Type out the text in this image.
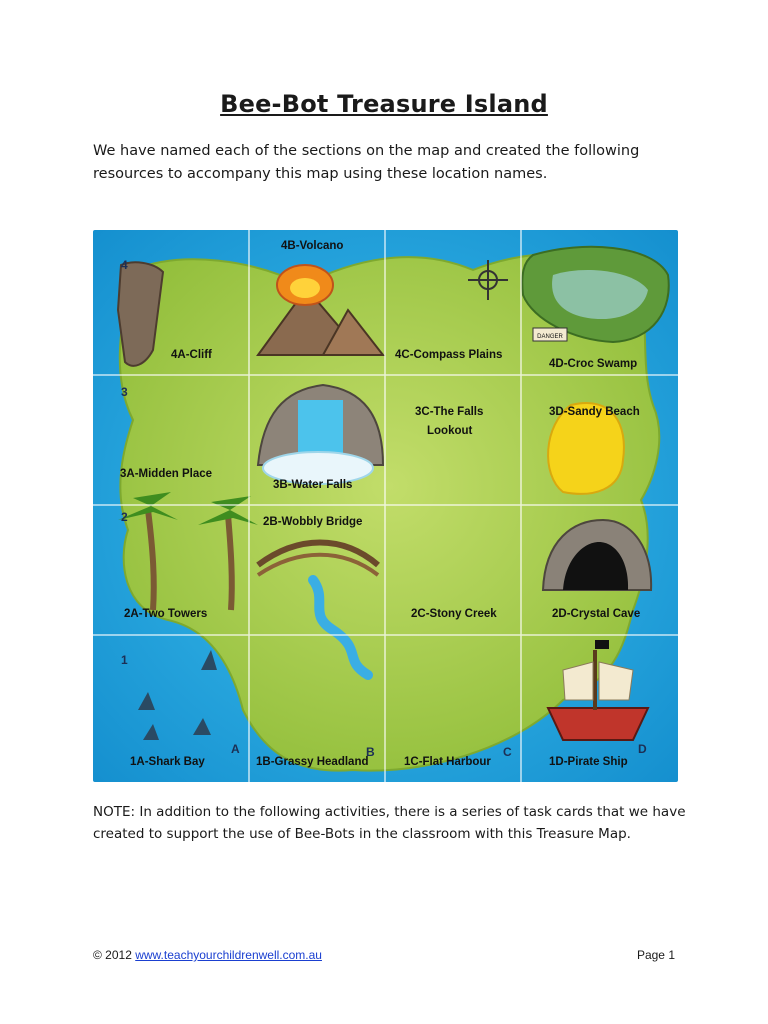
Bee-Bot Treasure Island
We have named each of the sections on the map and created the following resources to accompany this map using these location names.
DANGER
4
3
2
1
A	B	C	D
4B-Volcano
4A-Cliff	4C-Compass Plains
4D-Croc Swamp
3C-The Falls
Lookout
3D-Sandy Beach
3A-Midden Place
3B-Water Falls
2B-Wobbly Bridge
2A-Two Towers	2C-Stony Creek	2D-Crystal Cave
1A-Shark Bay	1B-Grassy Headland	1C-Flat Harbour	1D-Pirate Ship
NOTE: In addition to the following activities, there is a series of task cards that we have created to support the use of Bee-Bots in the classroom with this Treasure Map.
© 2012 www.teachyourchildrenwell.com.au	Page 1
